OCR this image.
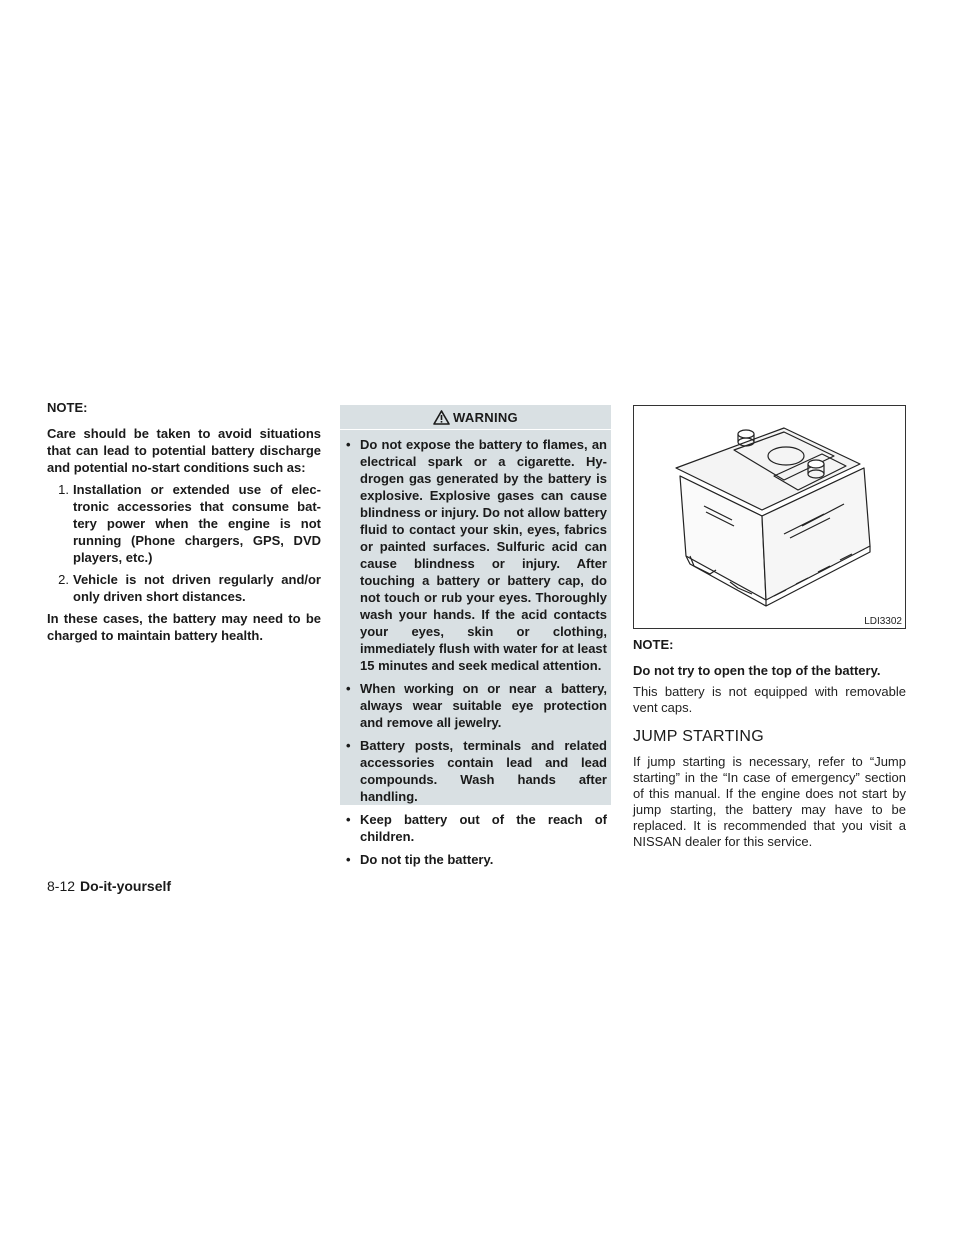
NOTE:

Care should be taken to avoid situations that can lead to potential battery discharge and potential no-start conditions such as:

1. Installation or extended use of electronic accessories that consume battery power when the engine is not running (Phone chargers, GPS, DVD players, etc.)
2. Vehicle is not driven regularly and/or only driven short distances.

In these cases, the battery may need to be charged to maintain battery health.

WARNING
• Do not expose the battery to flames, an electrical spark or a cigarette. Hydrogen gas generated by the battery is explosive. Explosive gases can cause blindness or injury. Do not allow battery fluid to contact your skin, eyes, fabrics or painted surfaces. Sulfuric acid can cause blindness or injury. After touching a battery or battery cap, do not touch or rub your eyes. Thoroughly wash your hands. If the acid contacts your eyes, skin or clothing, immediately flush with water for at least 15 minutes and seek medical attention.
• When working on or near a battery, always wear suitable eye protection and remove all jewelry.
• Battery posts, terminals and related accessories contain lead and lead compounds. Wash hands after handling.
• Keep battery out of the reach of children.
• Do not tip the battery.
LDI3302

NOTE:

Do not try to open the top of the battery.

This battery is not equipped with removable vent caps.

JUMP STARTING

If jump starting is necessary, refer to “Jump starting” in the “In case of emergency” section of this manual. If the engine does not start by jump starting, the battery may have to be replaced. It is recommended that you visit a NISSAN dealer for this service.

8-12 Do-it-yourself
